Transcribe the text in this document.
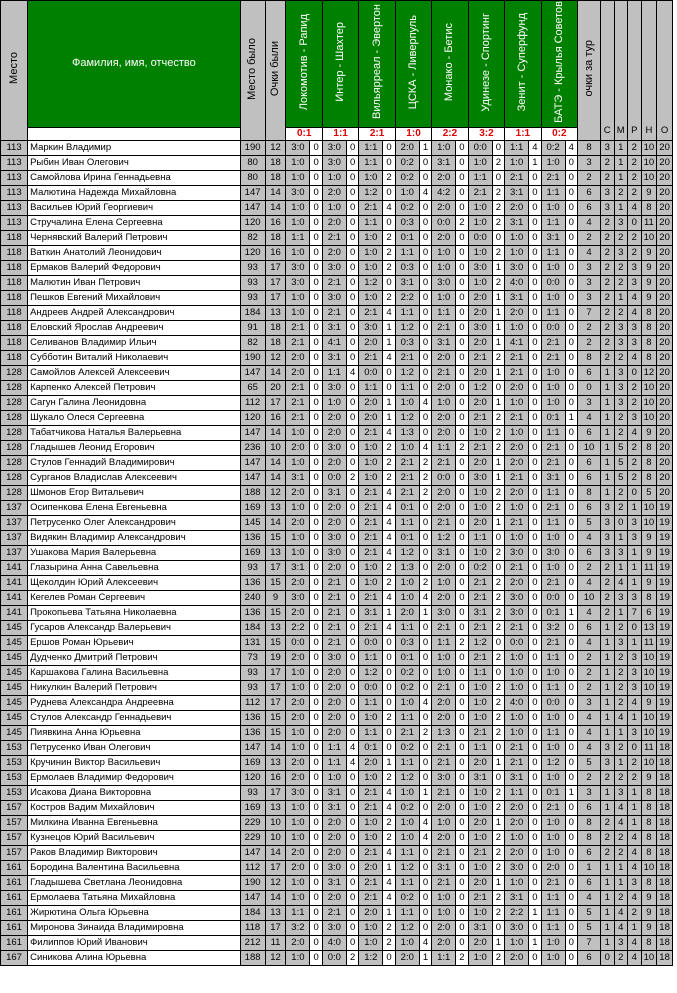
Место	Фамилия, имя, отчество	Место было	Очки были	Локомотив - Рапид		Интер - Шахтер		Вильярреал - Эвертон		ЦСКА - Ливерпуль		Монако - Бетис		Удинезе - Спортинг		Зенит - Суперфунд		БАТЭ - Крылья Советов		очки за тур	С	М	Р	Н	О
				0:1		1:1		2:1		1:0		2:2		3:2		1:1		0:2							
113	Маркин Владимир	190	12	3:0	0	3:0	0	1:1	0	2:0	1	1:0	0	0:0	0	1:1	4	0:2	4	8	3	1	2	10	20
113	Рыбин Иван Олегович	80	18	1:0	0	3:0	0	1:1	0	0:2	0	3:1	0	1:0	2	1:0	1	1:0	0	3	2	1	2	10	20
113	Самойлова Ирина Геннадьевна	80	18	1:0	0	1:0	0	1:0	2	0:2	0	2:0	0	1:1	0	2:1	0	2:1	0	2	2	1	2	10	20
113	Малютина Надежда Михайловна	147	14	3:0	0	2:0	0	1:2	0	1:0	4	4:2	0	2:1	2	3:1	0	1:1	0	6	3	2	2	9	20
113	Васильев Юрий Георгиевич	147	14	1:0	0	1:0	0	2:1	4	0:2	0	2:0	0	1:0	2	2:0	0	1:0	0	6	3	1	4	8	20
113	Стручалина Елена Сергеевна	120	16	1:0	0	2:0	0	1:1	0	0:3	0	0:0	2	1:0	2	3:1	0	1:1	0	4	2	3	0	11	20
118	Чернявский Валерий Петрович	82	18	1:1	0	2:1	0	1:0	2	0:1	0	2:0	0	0:0	0	1:0	0	3:1	0	2	2	2	2	10	20
118	Ваткин Анатолий Леонидович	120	16	1:0	0	2:0	0	1:0	2	1:1	0	1:0	0	1:0	2	1:0	0	1:1	0	4	2	3	2	9	20
118	Ермаков Валерий Федорович	93	17	3:0	0	3:0	0	1:0	2	0:3	0	1:0	0	3:0	1	3:0	0	1:0	0	3	2	2	3	9	20
118	Малютин Иван Петрович	93	17	3:0	0	2:1	0	1:2	0	3:1	0	3:0	0	1:0	2	4:0	0	0:0	0	3	2	2	3	9	20
118	Пешков Евгений Михайлович	93	17	1:0	0	3:0	0	1:0	2	2:2	0	1:0	0	2:0	1	3:1	0	1:0	0	3	2	1	4	9	20
118	Андреев Андрей Александрович	184	13	1:0	0	2:1	0	2:1	4	1:1	0	1:1	0	2:0	1	2:0	0	1:1	0	7	2	2	4	8	20
118	Еловский Ярослав Андреевич	91	18	2:1	0	3:1	0	3:0	1	1:2	0	2:1	0	3:0	1	1:0	0	0:0	0	2	2	3	3	8	20
118	Селиванов Владимир Ильич	82	18	2:1	0	4:1	0	2:0	1	0:3	0	3:1	0	2:0	1	4:1	0	2:1	0	2	2	3	3	8	20
118	Субботин Виталий Николаевич	190	12	2:0	0	3:1	0	2:1	4	2:1	0	2:0	0	2:1	2	2:1	0	2:1	0	8	2	2	4	8	20
128	Самойлов Алексей Алексеевич	147	14	2:0	0	1:1	4	0:0	0	1:2	0	2:1	0	2:0	1	2:1	0	1:0	0	6	1	3	0	12	20
128	Карпенко Алексей Петрович	65	20	2:1	0	3:0	0	1:1	0	1:1	0	2:0	0	1:2	0	2:0	0	1:0	0	0	1	3	2	10	20
128	Сагун Галина Леонидовна	112	17	2:1	0	1:0	0	2:0	1	1:0	4	1:0	0	2:0	1	1:0	0	1:0	0	3	1	3	2	10	20
128	Шукало Олеся Сергеевна	120	16	2:1	0	2:0	0	2:0	1	1:2	0	2:0	0	2:1	2	2:1	0	0:1	1	4	1	2	3	10	20
128	Табатчикова Наталья Валерьевна	147	14	1:0	0	2:0	0	2:1	4	1:3	0	2:0	0	1:0	2	1:0	0	1:1	0	6	1	2	4	9	20
128	Гладышев Леонид Егорович	236	10	2:0	0	3:0	0	1:0	2	1:0	4	1:1	2	2:1	2	2:0	0	2:1	0	10	1	5	2	8	20
128	Стулов Геннадий Владимирович	147	14	1:0	0	2:0	0	1:0	2	2:1	2	2:1	0	2:0	1	2:0	0	2:1	0	6	1	5	2	8	20
128	Сурганов Владислав Алексеевич	147	14	3:1	0	0:0	2	1:0	2	2:1	2	0:0	0	3:0	1	2:1	0	3:1	0	6	1	5	2	8	20
128	Шмонов Егор Витальевич	188	12	2:0	0	3:1	0	2:1	4	2:1	2	2:0	0	1:0	2	2:0	0	1:1	0	8	1	2	0	5	20
137	Осипенкова Елена Евгеньевна	169	13	1:0	0	2:0	0	2:1	4	0:1	0	2:0	0	1:0	2	1:0	0	2:1	0	6	3	2	1	10	19
137	Петрусенко Олег Александрович	145	14	2:0	0	2:0	0	2:1	4	1:1	0	2:1	0	2:0	1	2:1	0	1:1	0	5	3	0	3	10	19
137	Видякин Владимир Александрович	136	15	1:0	0	3:0	0	2:1	4	0:1	0	1:2	0	1:1	0	1:0	0	1:0	0	4	3	1	3	9	19
137	Ушакова Мария Валерьевна	169	13	1:0	0	3:0	0	2:1	4	1:2	0	3:1	0	1:0	2	3:0	0	3:0	0	6	3	3	1	9	19
141	Глазырина Анна Савельевна	93	17	3:1	0	2:0	0	1:0	2	1:3	0	2:0	0	0:2	0	2:1	0	1:0	0	2	2	1	1	11	19
141	Щеколдин Юрий Алексеевич	136	15	2:0	0	2:1	0	1:0	2	1:0	2	1:0	0	2:1	2	2:0	0	2:1	0	4	2	4	1	9	19
141	Кегелев Роман Сергеевич	240	9	3:0	0	2:1	0	2:1	4	1:0	4	2:0	0	2:1	2	3:0	0	0:0	0	10	2	3	3	8	19
141	Прокопьева Татьяна Николаевна	136	15	2:0	0	2:1	0	3:1	1	2:0	1	3:0	0	3:1	2	3:0	0	0:1	1	4	2	1	7	6	19
145	Гусаров Александр Валерьевич	184	13	2:2	0	2:1	0	2:1	4	1:1	0	2:1	0	2:1	2	2:1	0	3:2	0	6	1	2	0	13	19
145	Ершов Роман Юрьевич	131	15	0:0	0	2:1	0	0:0	0	0:3	0	1:1	2	1:2	0	0:0	0	2:1	0	4	1	3	1	11	19
145	Дудченко Дмитрий Петрович	73	19	2:0	0	3:0	0	1:1	0	0:1	0	1:0	0	2:1	2	1:0	0	1:1	0	2	1	2	3	10	19
145	Каршакова Галина Васильевна	93	17	1:0	0	2:0	0	1:2	0	0:2	0	1:0	0	1:1	0	1:0	0	1:0	0	2	1	2	3	10	19
145	Никулкин Валерий Петрович	93	17	1:0	0	2:0	0	0:0	0	0:2	0	2:1	0	1:0	2	1:0	0	1:1	0	2	1	2	3	10	19
145	Руднева Александра Андреевна	112	17	2:0	0	2:0	0	1:1	0	1:0	4	2:0	0	1:0	2	4:0	0	0:0	0	3	1	2	4	9	19
145	Стулов Александр Геннадьевич	136	15	2:0	0	2:0	0	1:0	2	1:1	0	2:0	0	1:0	2	1:0	0	1:0	0	4	1	4	1	10	19
145	Пиявкина Анна Юрьевна	136	15	1:0	0	2:0	0	1:1	0	2:1	2	1:3	0	2:1	2	1:0	0	1:1	0	4	1	1	3	10	19
153	Петрусенко Иван Олегович	147	14	1:0	0	1:1	4	0:1	0	0:2	0	2:1	0	1:1	0	2:1	0	1:0	0	4	3	2	0	11	18
153	Кручинин Виктор Васильевич	169	13	2:0	0	1:1	4	2:0	1	1:1	0	2:1	0	2:0	1	2:1	0	1:2	0	5	3	1	2	10	18
153	Ермолаев Владимир Федорович	120	16	2:0	0	1:0	0	1:0	2	1:2	0	3:0	0	3:1	0	3:1	0	1:0	0	2	2	2	2	9	18
153	Исакова Диана Викторовна	93	17	3:0	0	3:1	0	2:1	4	1:0	1	2:1	0	1:0	2	1:1	0	0:1	1	3	1	3	1	8	18
157	Костров Вадим Михайлович	169	13	1:0	0	3:1	0	2:1	4	0:2	0	2:0	0	1:0	2	2:0	0	2:1	0	6	1	4	1	8	18
157	Милкина Иванна Евгеньевна	229	10	1:0	0	2:0	0	1:0	2	1:0	4	1:0	0	2:0	1	2:0	0	1:0	0	8	2	4	1	8	18
157	Кузнецов Юрий Васильевич	229	10	1:0	0	2:0	0	1:0	2	1:0	4	2:0	0	1:0	2	1:0	0	1:0	0	8	2	2	4	8	18
157	Раков Владимир Викторович	147	14	2:0	0	2:0	0	2:1	4	1:1	0	2:1	0	2:1	2	2:0	0	1:0	0	6	2	2	4	8	18
161	Бородина Валентина Васильевна	112	17	2:0	0	3:0	0	2:0	1	1:2	0	3:1	0	1:0	2	3:0	0	2:0	0	1	1	1	4	10	18
161	Гладышева Светлана Леонидовна	190	12	1:0	0	3:1	0	2:1	4	1:1	0	2:1	0	2:0	1	1:0	0	2:1	0	6	1	1	3	8	18
161	Ермолаева Татьяна Михайловна	147	14	1:0	0	2:0	0	2:1	4	0:2	0	1:0	0	2:1	2	3:1	0	1:1	0	4	1	2	4	9	18
161	Жирютина Ольга Юрьевна	184	13	1:1	0	2:1	0	2:0	1	1:1	0	1:0	0	1:0	2	2:2	1	1:1	0	5	1	4	2	9	18
161	Миронова Зинаида Владимировна	118	17	3:2	0	3:0	0	1:0	2	1:2	0	2:0	0	3:1	0	3:0	0	1:1	0	5	1	4	1	9	18
161	Филиппов Юрий Иванович	212	11	2:0	0	4:0	0	1:0	2	1:0	4	2:0	0	2:0	1	1:0	1	1:0	0	7	1	3	4	8	18
167	Синикова Алина Юрьевна	188	12	1:0	0	0:0	2	1:2	0	2:0	1	1:1	2	1:0	2	2:0	0	1:0	0	6	0	2	4	10	18
